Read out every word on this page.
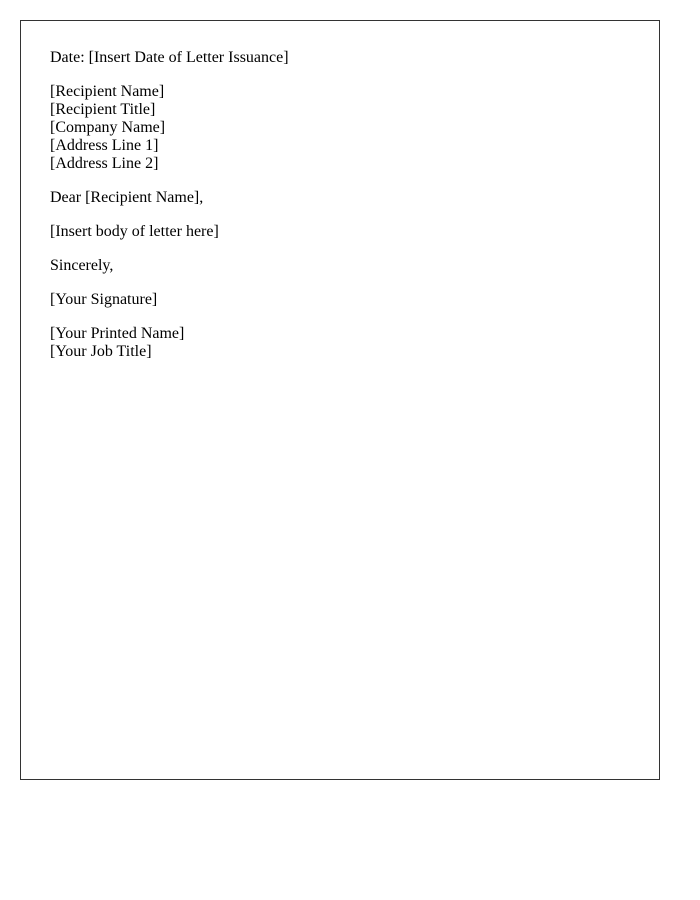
Date: [Insert Date of Letter Issuance]

[Recipient Name]
[Recipient Title]
[Company Name]
[Address Line 1]
[Address Line 2]

Dear [Recipient Name],

[Insert body of letter here]

Sincerely,

[Your Signature]

[Your Printed Name]
[Your Job Title]
